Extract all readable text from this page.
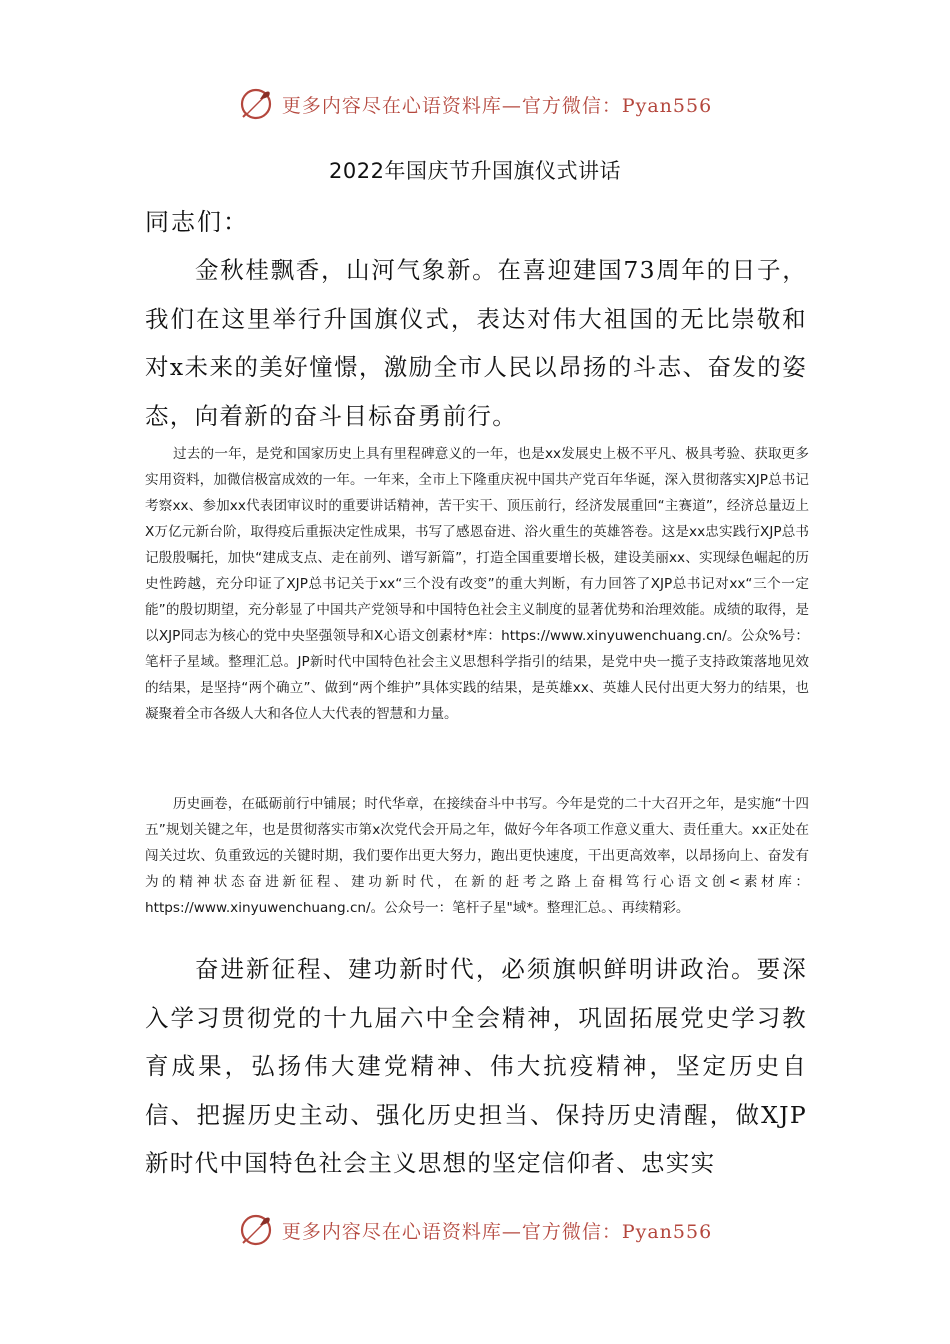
更多内容尽在心语资料库—官方微信：Pyan556
2022年国庆节升国旗仪式讲话
同志们：

金秋桂飘香，山河气象新。在喜迎建国73周年的日子，我们在这里举行升国旗仪式，表达对伟大祖国的无比崇敬和对x未来的美好憧憬，激励全市人民以昂扬的斗志、奋发的姿态，向着新的奋斗目标奋勇前行。

过去的一年，是党和国家历史上具有里程碑意义的一年，也是xx发展史上极不平凡、极具考验、获取更多实用资料，加微信极富成效的一年。一年来，全市上下隆重庆祝中国共产党百年华诞，深入贯彻落实XJP总书记考察xx、参加xx代表团审议时的重要讲话精神，苦干实干、顶压前行，经济发展重回“主赛道”，经济总量迈上X万亿元新台阶，取得疫后重振决定性成果，书写了感恩奋进、浴火重生的英雄答卷。这是xx忠实践行XJP总书记殷殷嘱托，加快“建成支点、走在前列、谱写新篇”，打造全国重要增长极，建设美丽xx、实现绿色崛起的历史性跨越，充分印证了XJP总书记关于xx“三个没有改变”的重大判断，有力回答了XJP总书记对xx“三个一定能”的殷切期望，充分彰显了中国共产党领导和中国特色社会主义制度的显著优势和治理效能。成绩的取得，是以XJP同志为核心的党中央坚强领导和X心语文创素材*库：https://www.xinyuwenchuang.cn/。公众%号：笔杆子星域。整理汇总。JP新时代中国特色社会主义思想科学指引的结果，是党中央一揽子支持政策落地见效的结果，是坚持“两个确立”、做到“两个维护”具体实践的结果，是英雄xx、英雄人民付出更大努力的结果，也凝聚着全市各级人大和各位人大代表的智慧和力量。

历史画卷，在砥砺前行中铺展；时代华章，在接续奋斗中书写。今年是党的二十大召开之年，是实施“十四五”规划关键之年，也是贯彻落实市第x次党代会开局之年，做好今年各项工作意义重大、责任重大。xx正处在闯关过坎、负重致远的关键时期，我们要作出更大努力，跑出更快速度，干出更高效率，以昂扬向上、奋发有为的精神状态奋进新征程、建功新时代，在新的赶考之路上奋楫笃行心语文创<素材库：https://www.xinyuwenchuang.cn/。公众号一：笔杆子星"域*。整理汇总。、再续精彩。

奋进新征程、建功新时代，必须旗帜鲜明讲政治。要深入学习贯彻党的十九届六中全会精神，巩固拓展党史学习教育成果，弘扬伟大建党精神、伟大抗疫精神，坚定历史自信、把握历史主动、强化历史担当、保持历史清醒，做XJP新时代中国特色社会主义思想的坚定信仰者、忠实实

更多内容尽在心语资料库—官方微信：Pyan556
